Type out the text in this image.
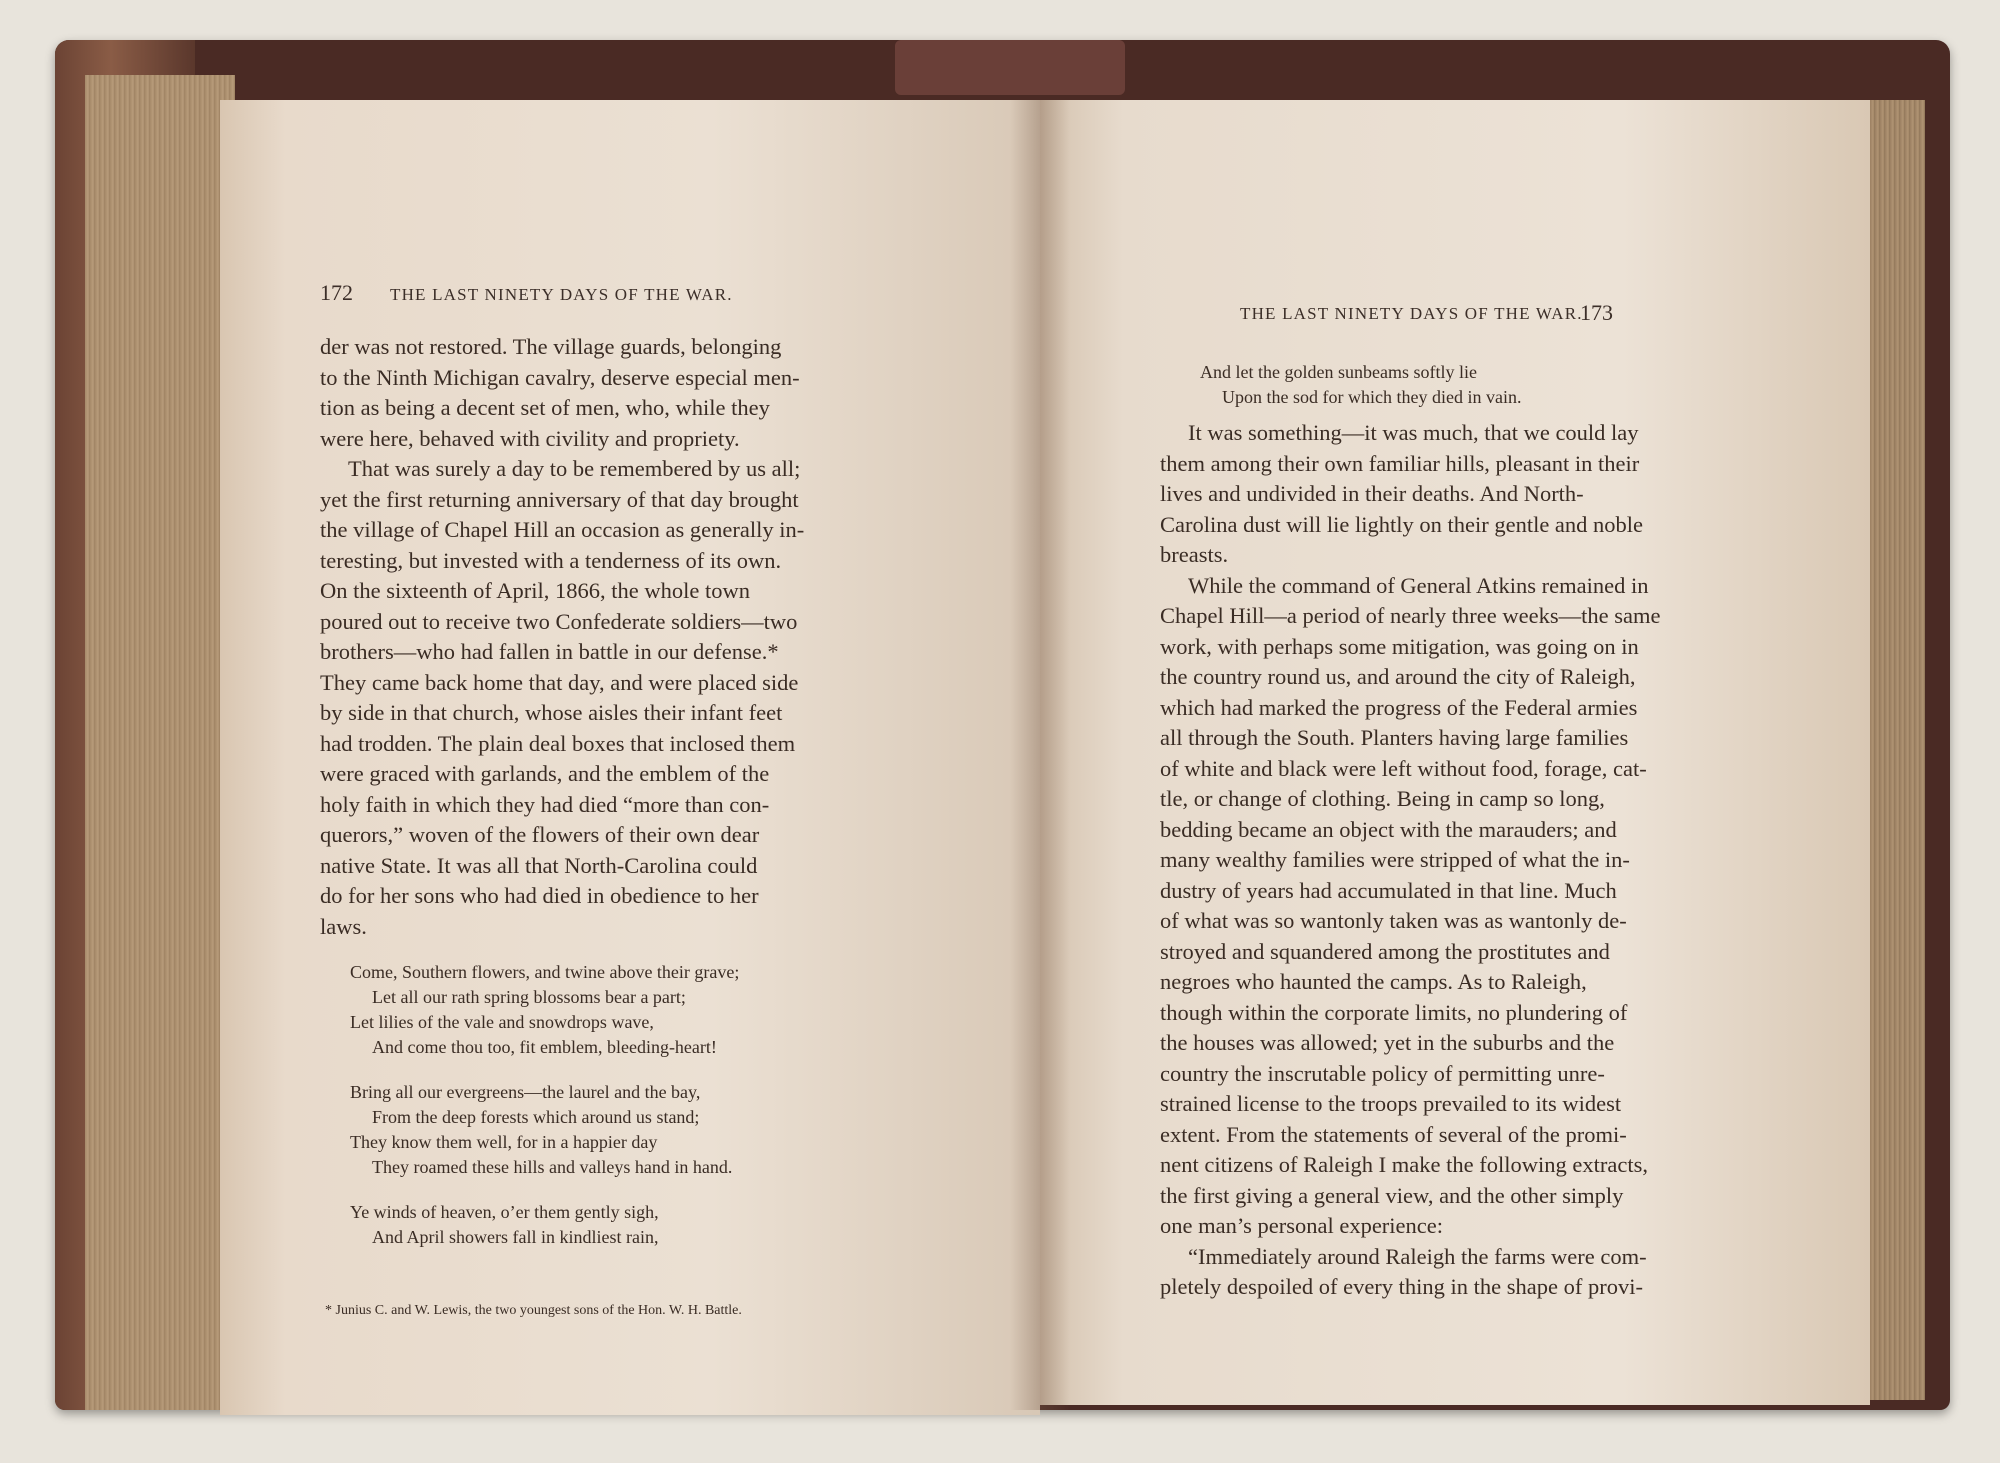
172 THE LAST NINETY DAYS OF THE WAR.
der was not restored. The village guards, belonging
to the Ninth Michigan cavalry, deserve especial men-
tion as being a decent set of men, who, while they
were here, behaved with civility and propriety.
That was surely a day to be remembered by us all;
yet the first returning anniversary of that day brought
the village of Chapel Hill an occasion as generally in-
teresting, but invested with a tenderness of its own.
On the sixteenth of April, 1866, the whole town
poured out to receive two Confederate soldiers—two
brothers—who had fallen in battle in our defense.*
They came back home that day, and were placed side
by side in that church, whose aisles their infant feet
had trodden. The plain deal boxes that inclosed them
were graced with garlands, and the emblem of the
holy faith in which they had died “more than con-
querors,” woven of the flowers of their own dear
native State. It was all that North-Carolina could
do for her sons who had died in obedience to her
laws.
Come, Southern flowers, and twine above their grave;
Let all our rath spring blossoms bear a part;
Let lilies of the vale and snowdrops wave,
And come thou too, fit emblem, bleeding-heart!
Bring all our evergreens—the laurel and the bay,
From the deep forests which around us stand;
They know them well, for in a happier day
They roamed these hills and valleys hand in hand.
Ye winds of heaven, o’er them gently sigh,
And April showers fall in kindliest rain,
* Junius C. and W. Lewis, the two youngest sons of the Hon. W. H. Battle.
THE LAST NINETY DAYS OF THE WAR.
173
And let the golden sunbeams softly lie
Upon the sod for which they died in vain.
It was something—it was much, that we could lay
them among their own familiar hills, pleasant in their
lives and undivided in their deaths. And North-
Carolina dust will lie lightly on their gentle and noble
breasts.
While the command of General Atkins remained in
Chapel Hill—a period of nearly three weeks—the same
work, with perhaps some mitigation, was going on in
the country round us, and around the city of Raleigh,
which had marked the progress of the Federal armies
all through the South. Planters having large families
of white and black were left without food, forage, cat-
tle, or change of clothing. Being in camp so long,
bedding became an object with the marauders; and
many wealthy families were stripped of what the in-
dustry of years had accumulated in that line. Much
of what was so wantonly taken was as wantonly de-
stroyed and squandered among the prostitutes and
negroes who haunted the camps. As to Raleigh,
though within the corporate limits, no plundering of
the houses was allowed; yet in the suburbs and the
country the inscrutable policy of permitting unre-
strained license to the troops prevailed to its widest
extent. From the statements of several of the promi-
nent citizens of Raleigh I make the following extracts,
the first giving a general view, and the other simply
one man’s personal experience:
“Immediately around Raleigh the farms were com-
pletely despoiled of every thing in the shape of provi-
